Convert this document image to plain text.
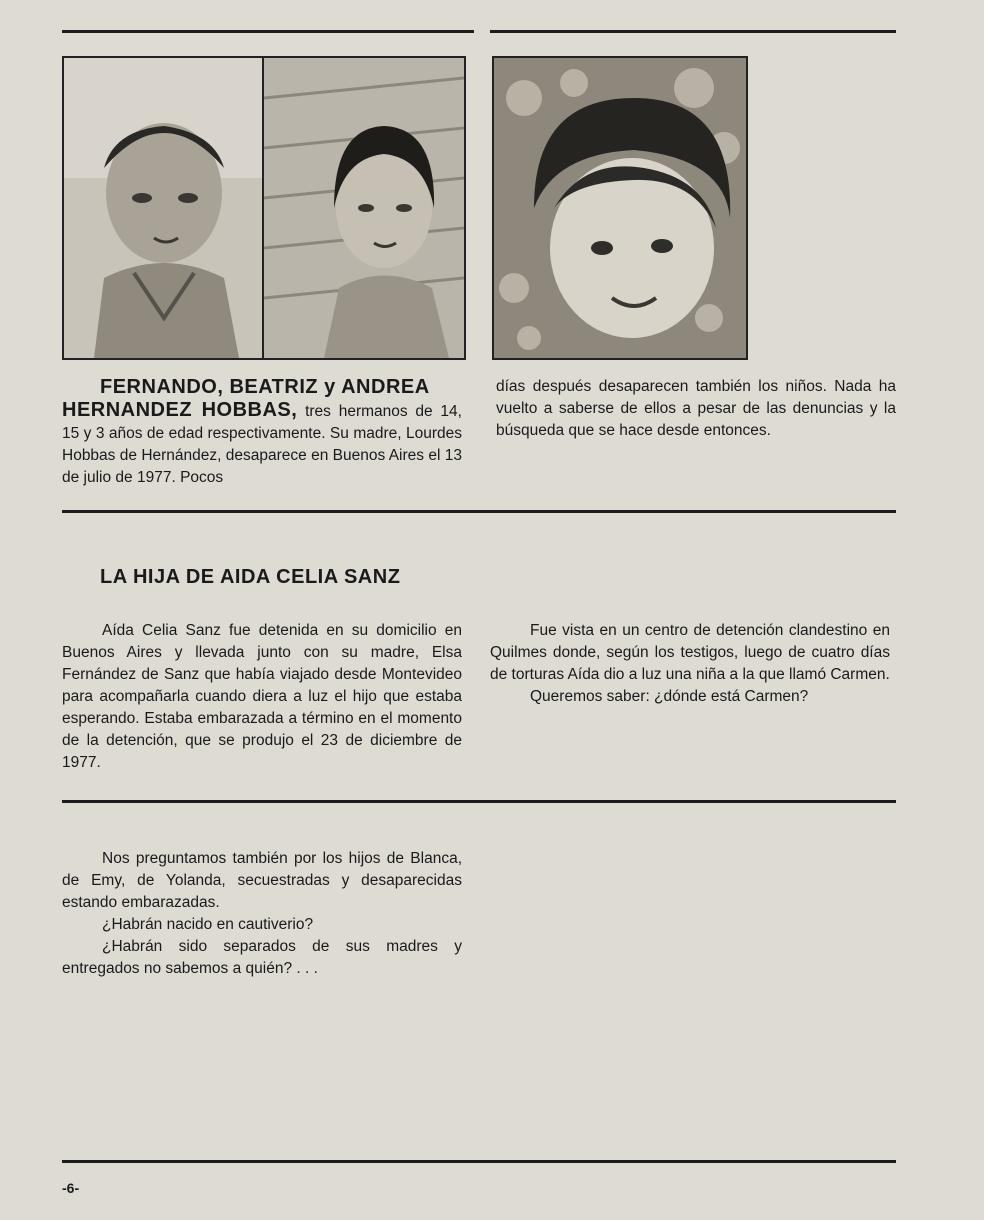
FERNANDO, BEATRIZ y ANDREA

HERNANDEZ HOBBAS, tres hermanos de 14, 15 y 3 años de edad respectivamente. Su madre, Lourdes Hobbas de Hernández, desaparece en Buenos Aires el 13 de julio de 1977. Pocos

días después desaparecen también los niños. Nada ha vuelto a saberse de ellos a pesar de las denuncias y la búsqueda que se hace desde entonces.

LA HIJA DE AIDA CELIA SANZ

Aída Celia Sanz fue detenida en su domicilio en Buenos Aires y llevada junto con su madre, Elsa Fernández de Sanz que había viajado desde Montevideo para acompañarla cuando diera a luz el hijo que estaba esperando. Estaba embarazada a término en el momento de la detención, que se produjo el 23 de diciembre de 1977.

Fue vista en un centro de detención clandestino en Quilmes donde, según los testigos, luego de cuatro días de torturas Aída dio a luz una niña a la que llamó Carmen.

Queremos saber: ¿dónde está Carmen?

Nos preguntamos también por los hijos de Blanca, de Emy, de Yolanda, secuestradas y desaparecidas estando embarazadas.

¿Habrán nacido en cautiverio?

¿Habrán sido separados de sus madres y entregados no sabemos a quién? . . .

-6-
